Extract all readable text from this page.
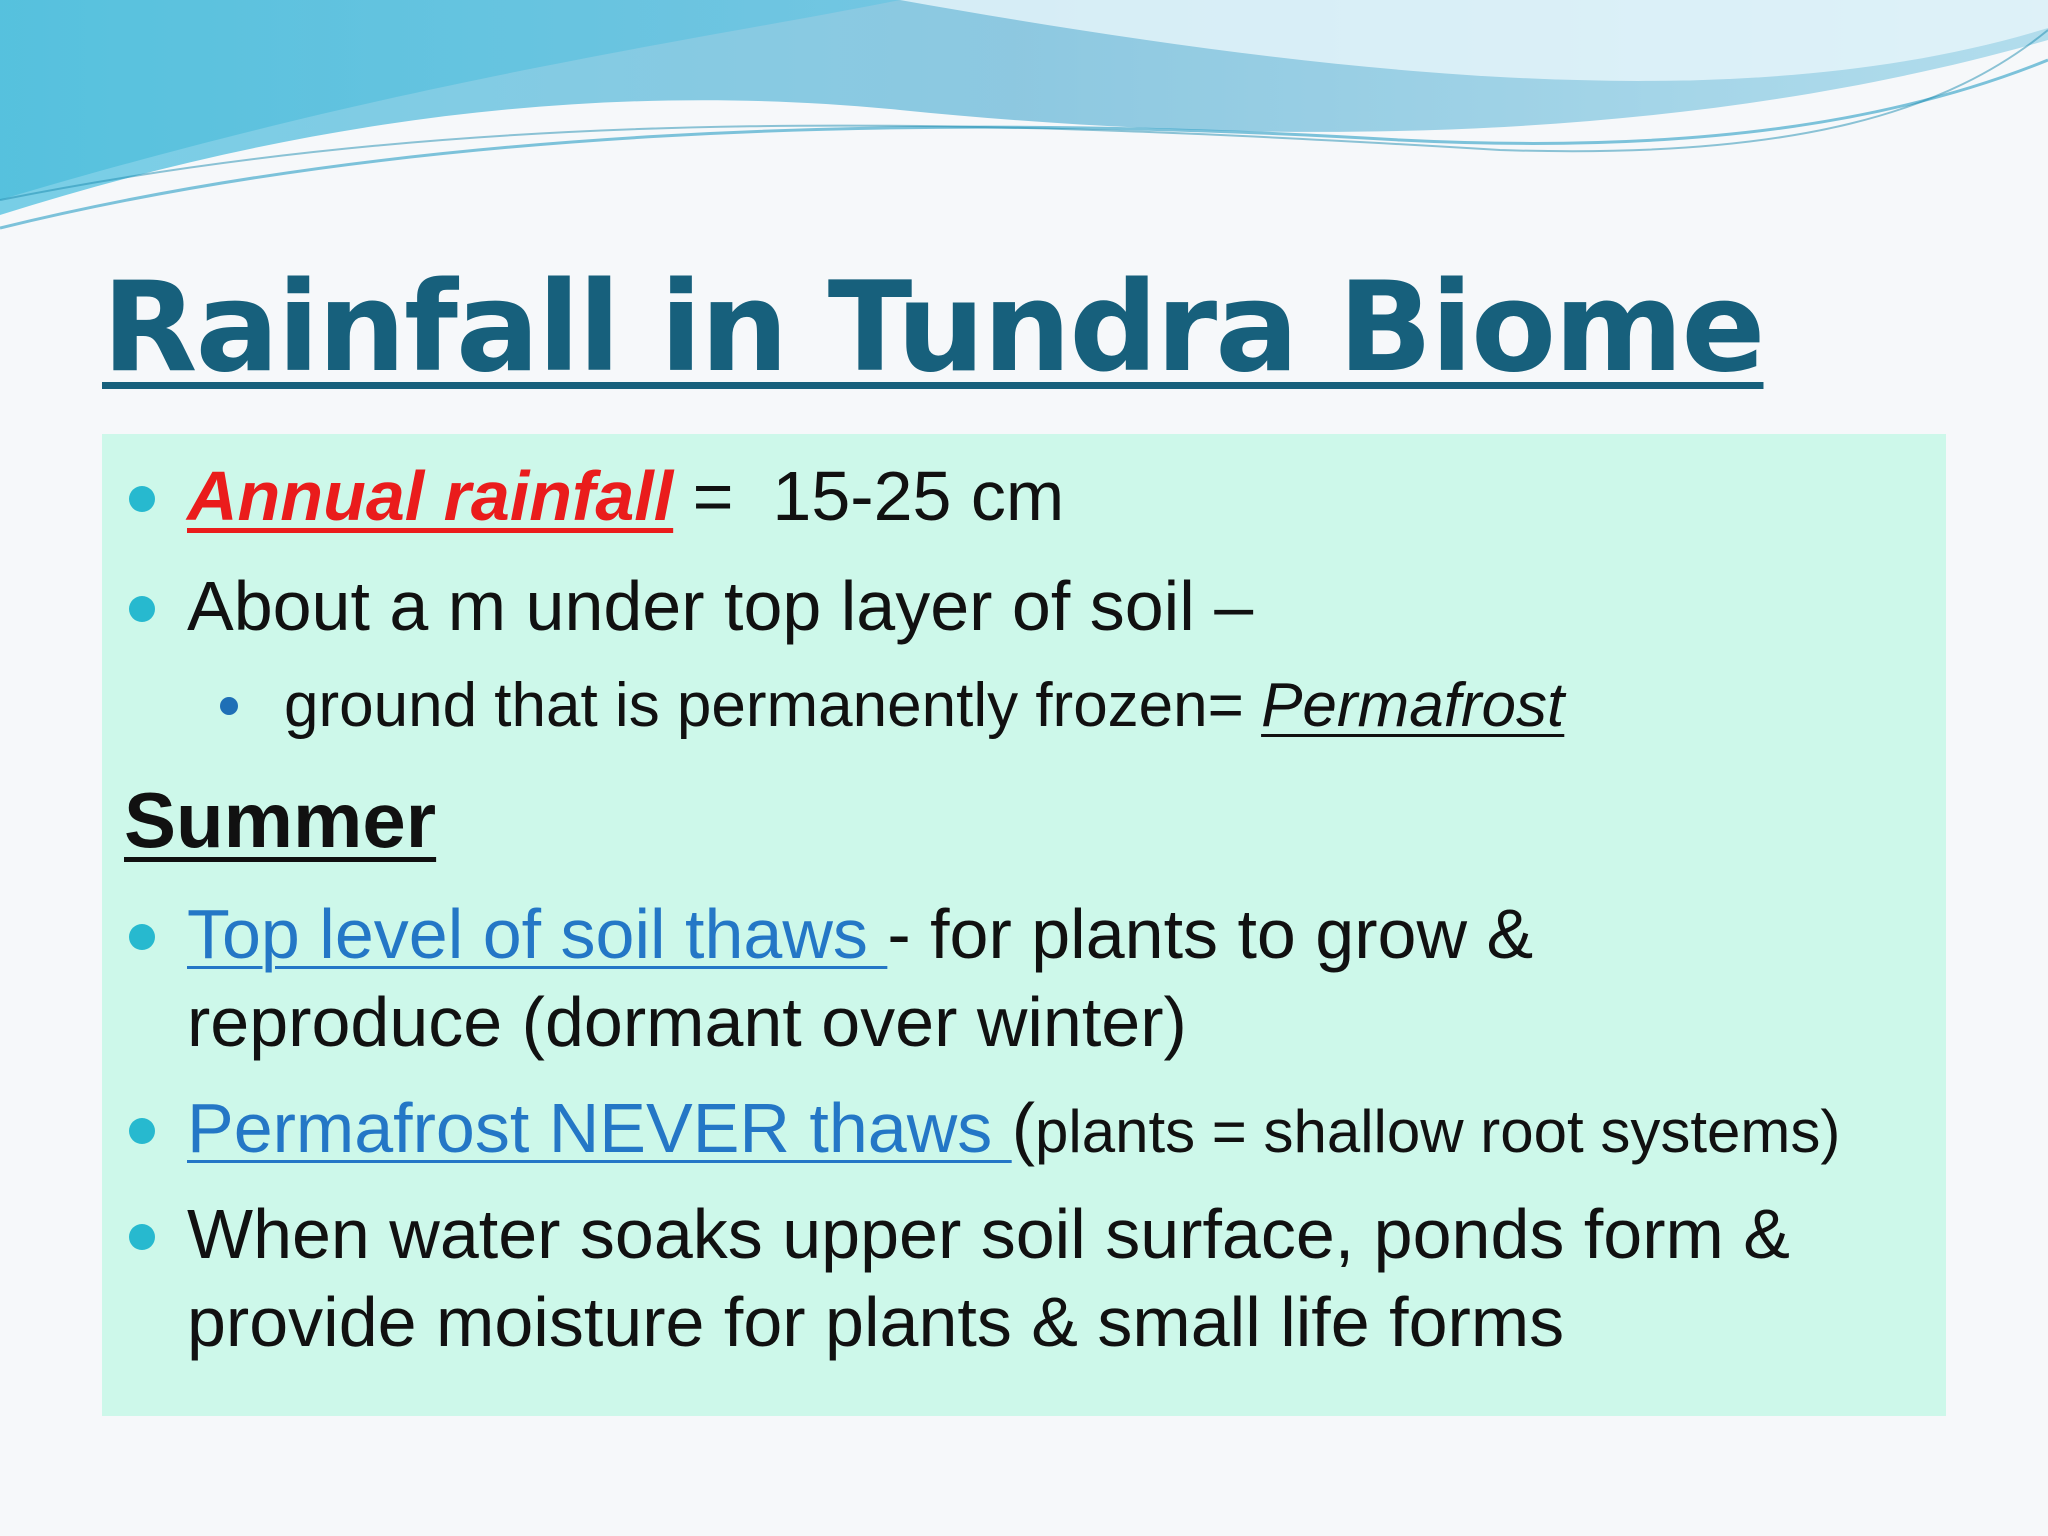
Rainfall in Tundra Biome
Annual rainfall =  15-25 cm
About a m under top layer of soil –
ground that is permanently frozen= Permafrost
Summer
Top level of soil thaws - for plants to grow &
reproduce (dormant over winter)
Permafrost NEVER thaws (plants = shallow root systems)
When water soaks upper soil surface, ponds form &
provide moisture for plants & small life forms
